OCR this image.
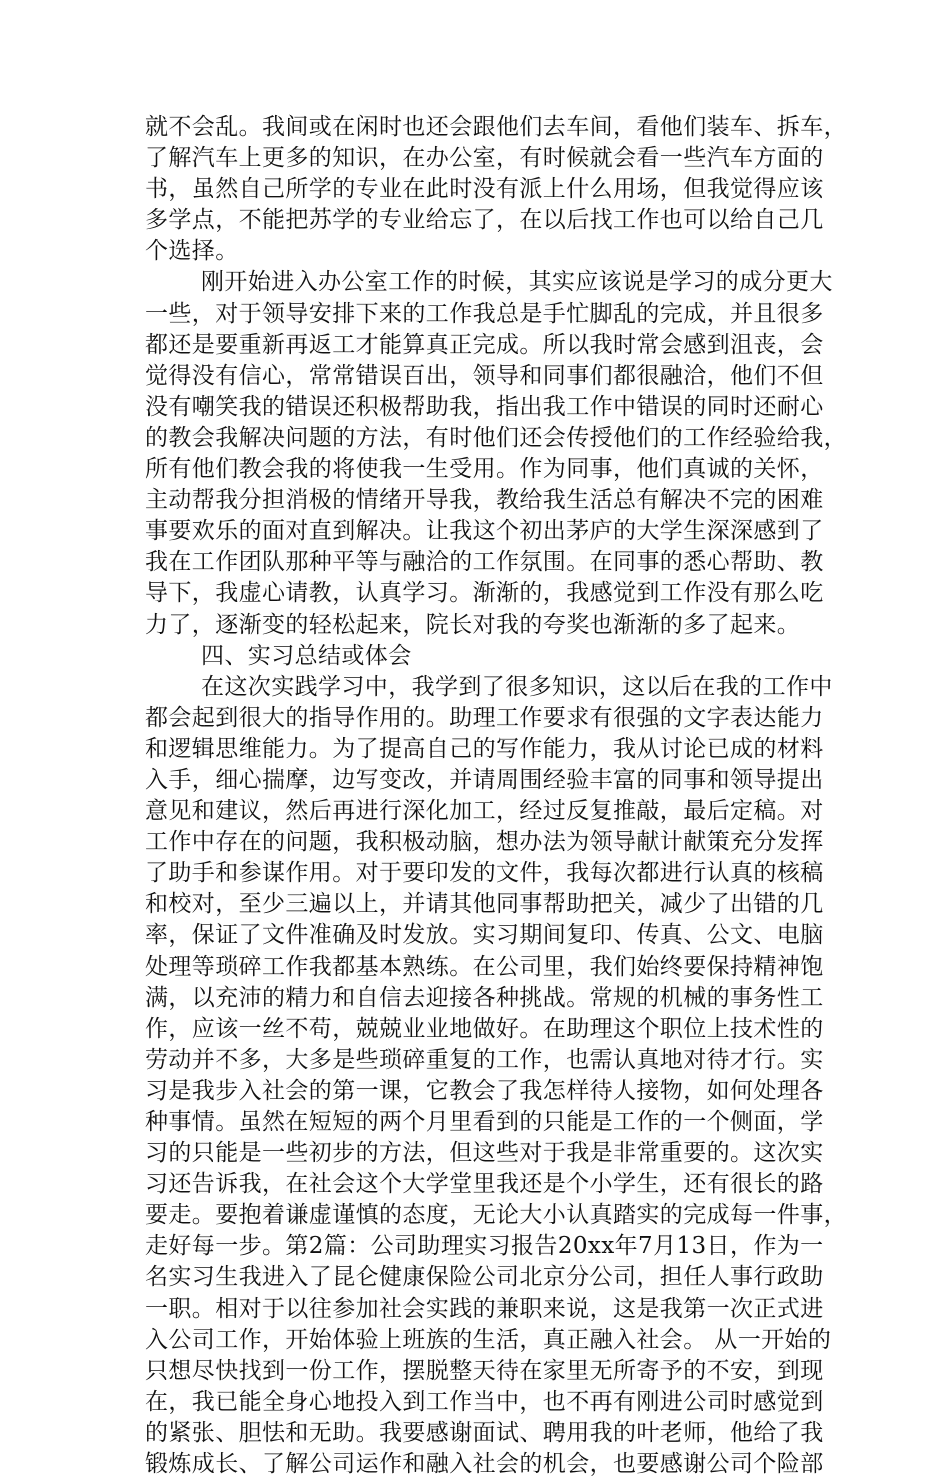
就不会乱。我间或在闲时也还会跟他们去车间，看他们装车、拆车，
了解汽车上更多的知识，在办公室，有时候就会看一些汽车方面的
书，虽然自己所学的专业在此时没有派上什么用场，但我觉得应该
多学点，不能把苏学的专业给忘了，在以后找工作也可以给自己几
个选择。
刚开始进入办公室工作的时候，其实应该说是学习的成分更大
一些，对于领导安排下来的工作我总是手忙脚乱的完成，并且很多
都还是要重新再返工才能算真正完成。所以我时常会感到沮丧，会
觉得没有信心，常常错误百出，领导和同事们都很融洽，他们不但
没有嘲笑我的错误还积极帮助我，指出我工作中错误的同时还耐心
的教会我解决问题的方法，有时他们还会传授他们的工作经验给我，
所有他们教会我的将使我一生受用。作为同事，他们真诚的关怀，
主动帮我分担消极的情绪开导我，教给我生活总有解决不完的困难
事要欢乐的面对直到解决。让我这个初出茅庐的大学生深深感到了
我在工作团队那种平等与融洽的工作氛围。在同事的悉心帮助、教
导下，我虚心请教，认真学习。渐渐的，我感觉到工作没有那么吃
力了，逐渐变的轻松起来，院长对我的夸奖也渐渐的多了起来。
四、实习总结或体会
在这次实践学习中，我学到了很多知识，这以后在我的工作中
都会起到很大的指导作用的。助理工作要求有很强的文字表达能力
和逻辑思维能力。为了提高自己的写作能力，我从讨论已成的材料
入手，细心揣摩，边写变改，并请周围经验丰富的同事和领导提出
意见和建议，然后再进行深化加工，经过反复推敲，最后定稿。对
工作中存在的问题，我积极动脑，想办法为领导献计献策充分发挥
了助手和参谋作用。对于要印发的文件，我每次都进行认真的核稿
和校对，至少三遍以上，并请其他同事帮助把关，减少了出错的几
率，保证了文件准确及时发放。实习期间复印、传真、公文、电脑
处理等琐碎工作我都基本熟练。在公司里，我们始终要保持精神饱
满，以充沛的精力和自信去迎接各种挑战。常规的机械的事务性工
作，应该一丝不苟，兢兢业业地做好。在助理这个职位上技术性的
劳动并不多，大多是些琐碎重复的工作，也需认真地对待才行。实
习是我步入社会的第一课，它教会了我怎样待人接物，如何处理各
种事情。虽然在短短的两个月里看到的只能是工作的一个侧面，学
习的只能是一些初步的方法，但这些对于我是非常重要的。这次实
习还告诉我，在社会这个大学堂里我还是个小学生，还有很长的路
要走。要抱着谦虚谨慎的态度，无论大小认真踏实的完成每一件事，
走好每一步。第2篇：公司助理实习报告20xx年7月13日，作为一
名实习生我进入了昆仑健康保险公司北京分公司，担任人事行政助
一职。相对于以往参加社会实践的兼职来说，这是我第一次正式进
入公司工作，开始体验上班族的生活，真正融入社会。 从一开始的
只想尽快找到一份工作，摆脱整天待在家里无所寄予的不安，到现
在，我已能全身心地投入到工作当中，也不再有刚进公司时感觉到
的紧张、胆怯和无助。我要感谢面试、聘用我的叶老师，他给了我
锻炼成长、了解公司运作和融入社会的机会，也要感谢公司个险部
